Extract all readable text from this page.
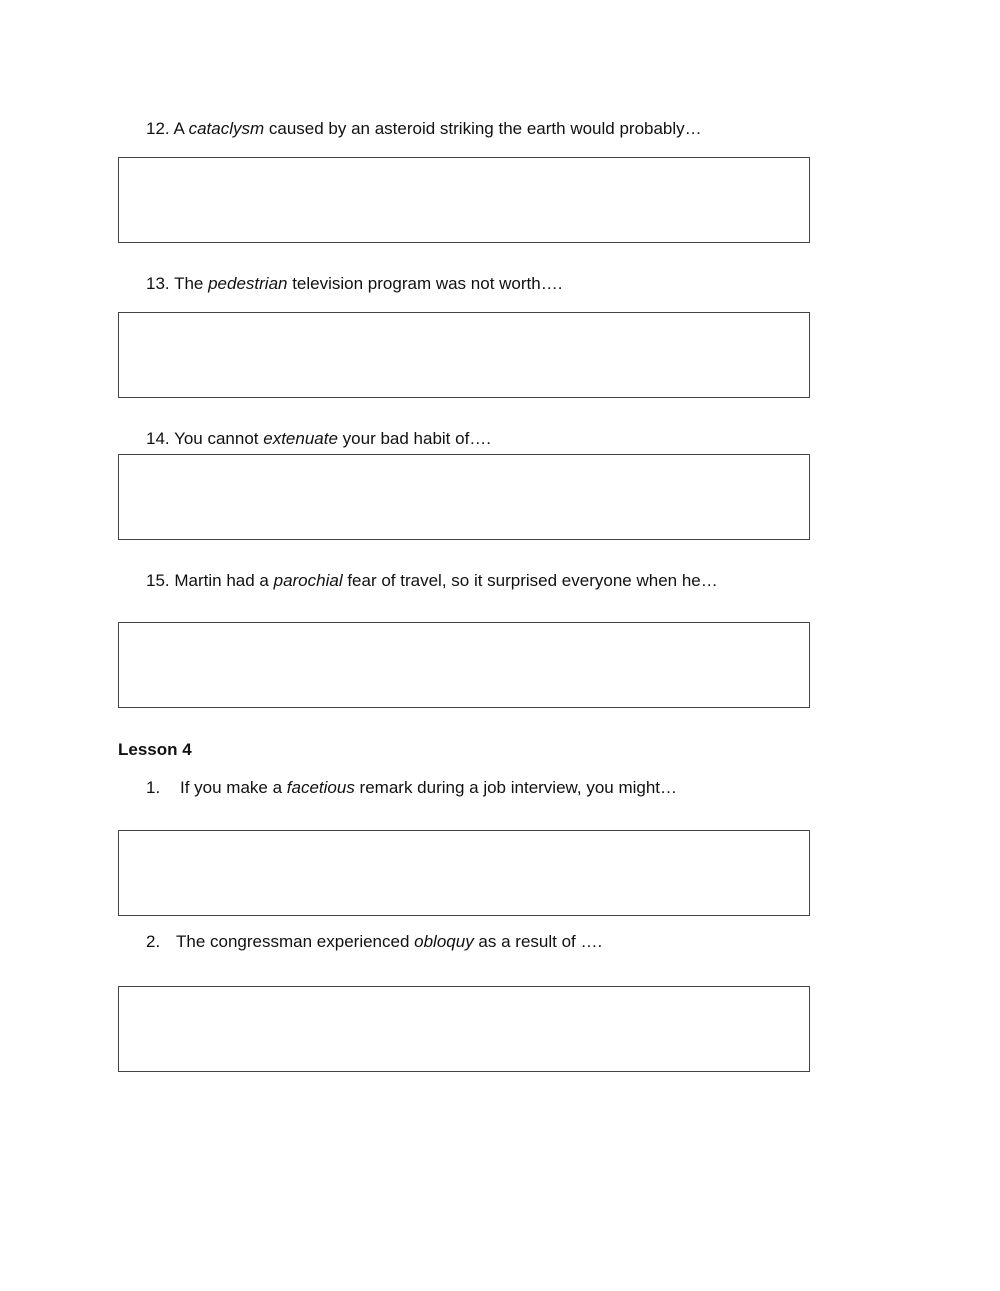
12. A cataclysm caused by an asteroid striking the earth would probably…
13. The pedestrian television program was not worth….
14. You cannot extenuate your bad habit of….
15. Martin had a parochial fear of travel, so it surprised everyone when he…
Lesson 4
1. If you make a facetious remark during a job interview, you might…
2. The congressman experienced obloquy as a result of ….
